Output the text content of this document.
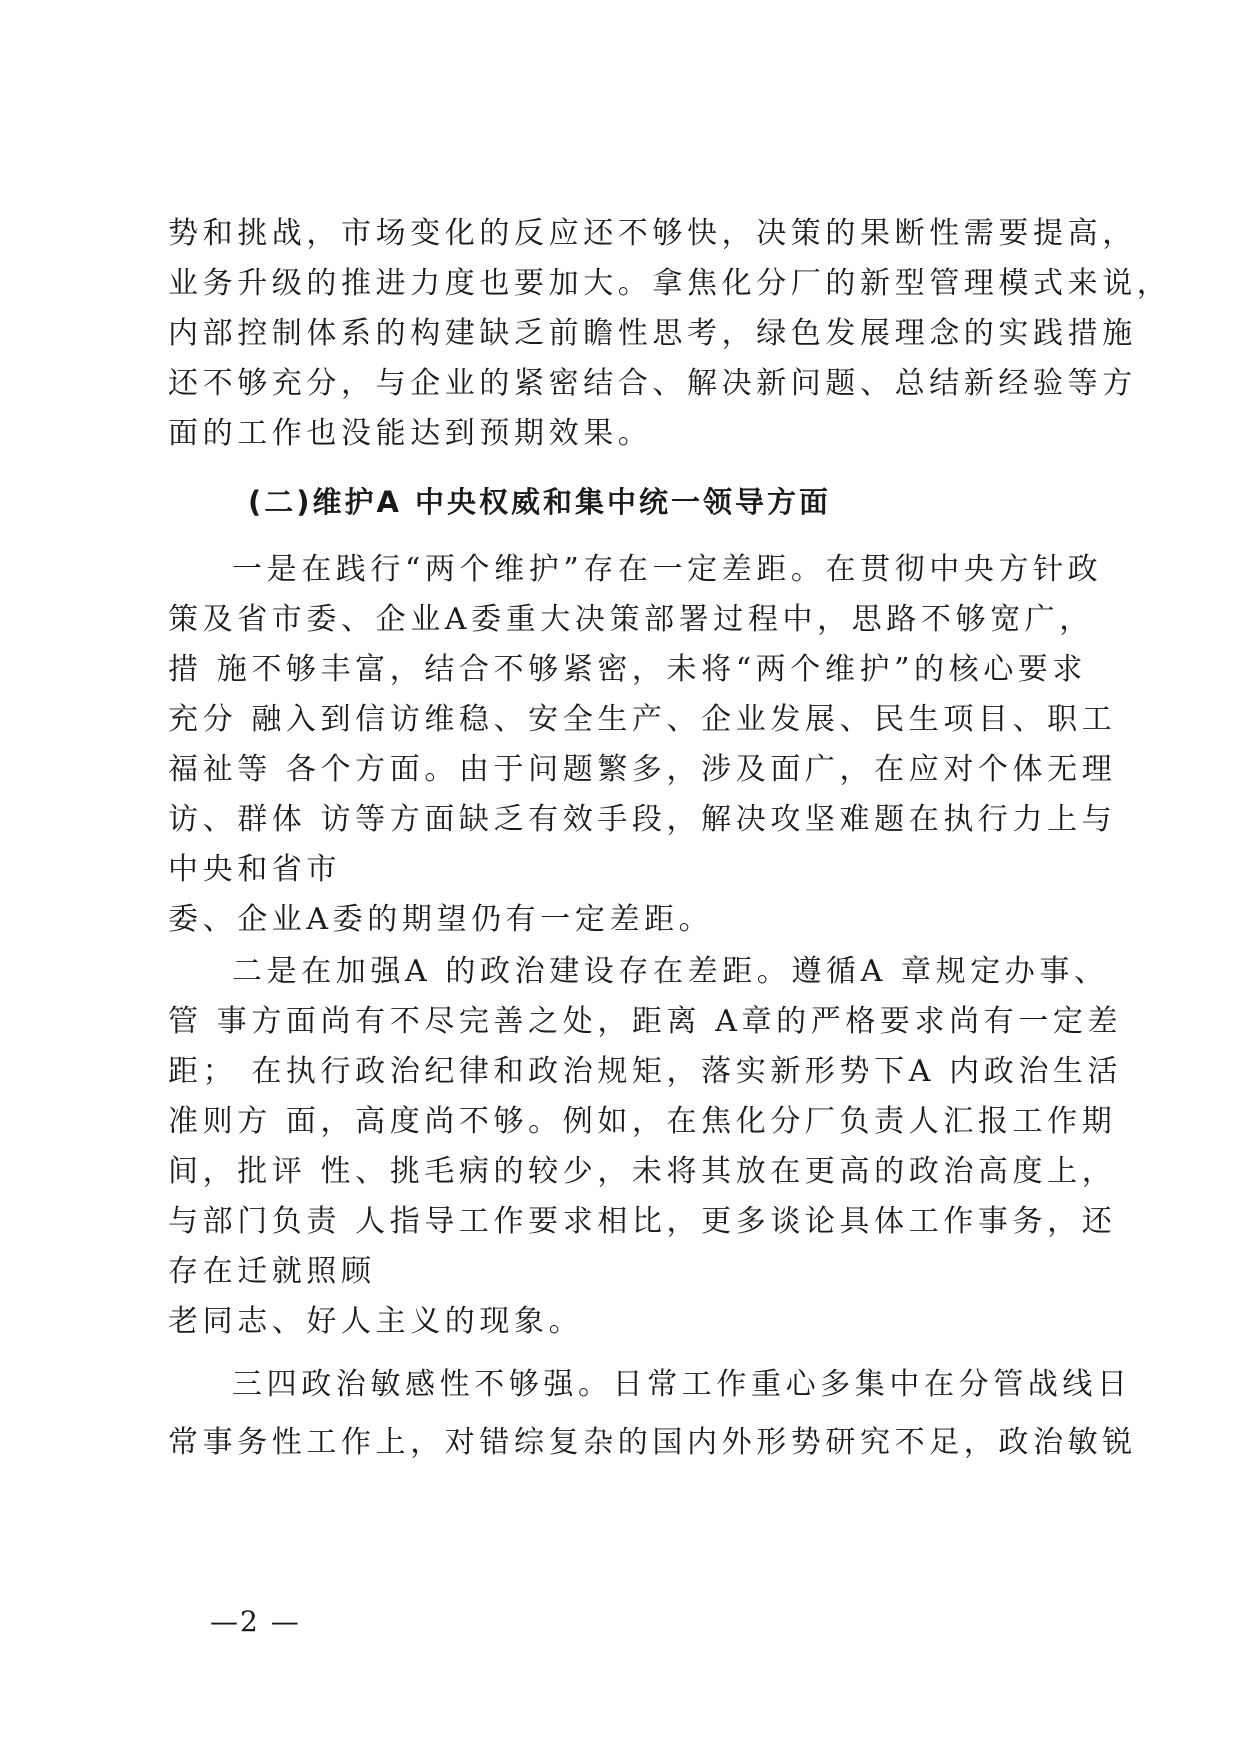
势和挑战，市场变化的反应还不够快，决策的果断性需要提高，
业务升级的推进力度也要加大。拿焦化分厂的新型管理模式来说，
内部控制体系的构建缺乏前瞻性思考，绿色发展理念的实践措施
还不够充分，与企业的紧密结合、解决新问题、总结新经验等方
面的工作也没能达到预期效果。
(二)维护A 中央权威和集中统一领导方面
一是在践行“两个维护”存在一定差距。在贯彻中央方针政
策及省市委、企业A委重大决策部署过程中，思路不够宽广，
措 施不够丰富，结合不够紧密，未将“两个维护”的核心要求
充分 融入到信访维稳、安全生产、企业发展、民生项目、职工
福祉等 各个方面。由于问题繁多，涉及面广，在应对个体无理
访、群体 访等方面缺乏有效手段，解决攻坚难题在执行力上与
中央和省市
委、企业A委的期望仍有一定差距。
二是在加强A 的政治建设存在差距。遵循A 章规定办事、
管 事方面尚有不尽完善之处，距离 A章的严格要求尚有一定差
距； 在执行政治纪律和政治规矩，落实新形势下A 内政治生活
准则方 面，高度尚不够。例如，在焦化分厂负责人汇报工作期
间，批评 性、挑毛病的较少，未将其放在更高的政治高度上，
与部门负责 人指导工作要求相比，更多谈论具体工作事务，还
存在迁就照顾
老同志、好人主义的现象。
三四政治敏感性不够强。日常工作重心多集中在分管战线日
常事务性工作上，对错综复杂的国内外形势研究不足，政治敏锐
—2 —
